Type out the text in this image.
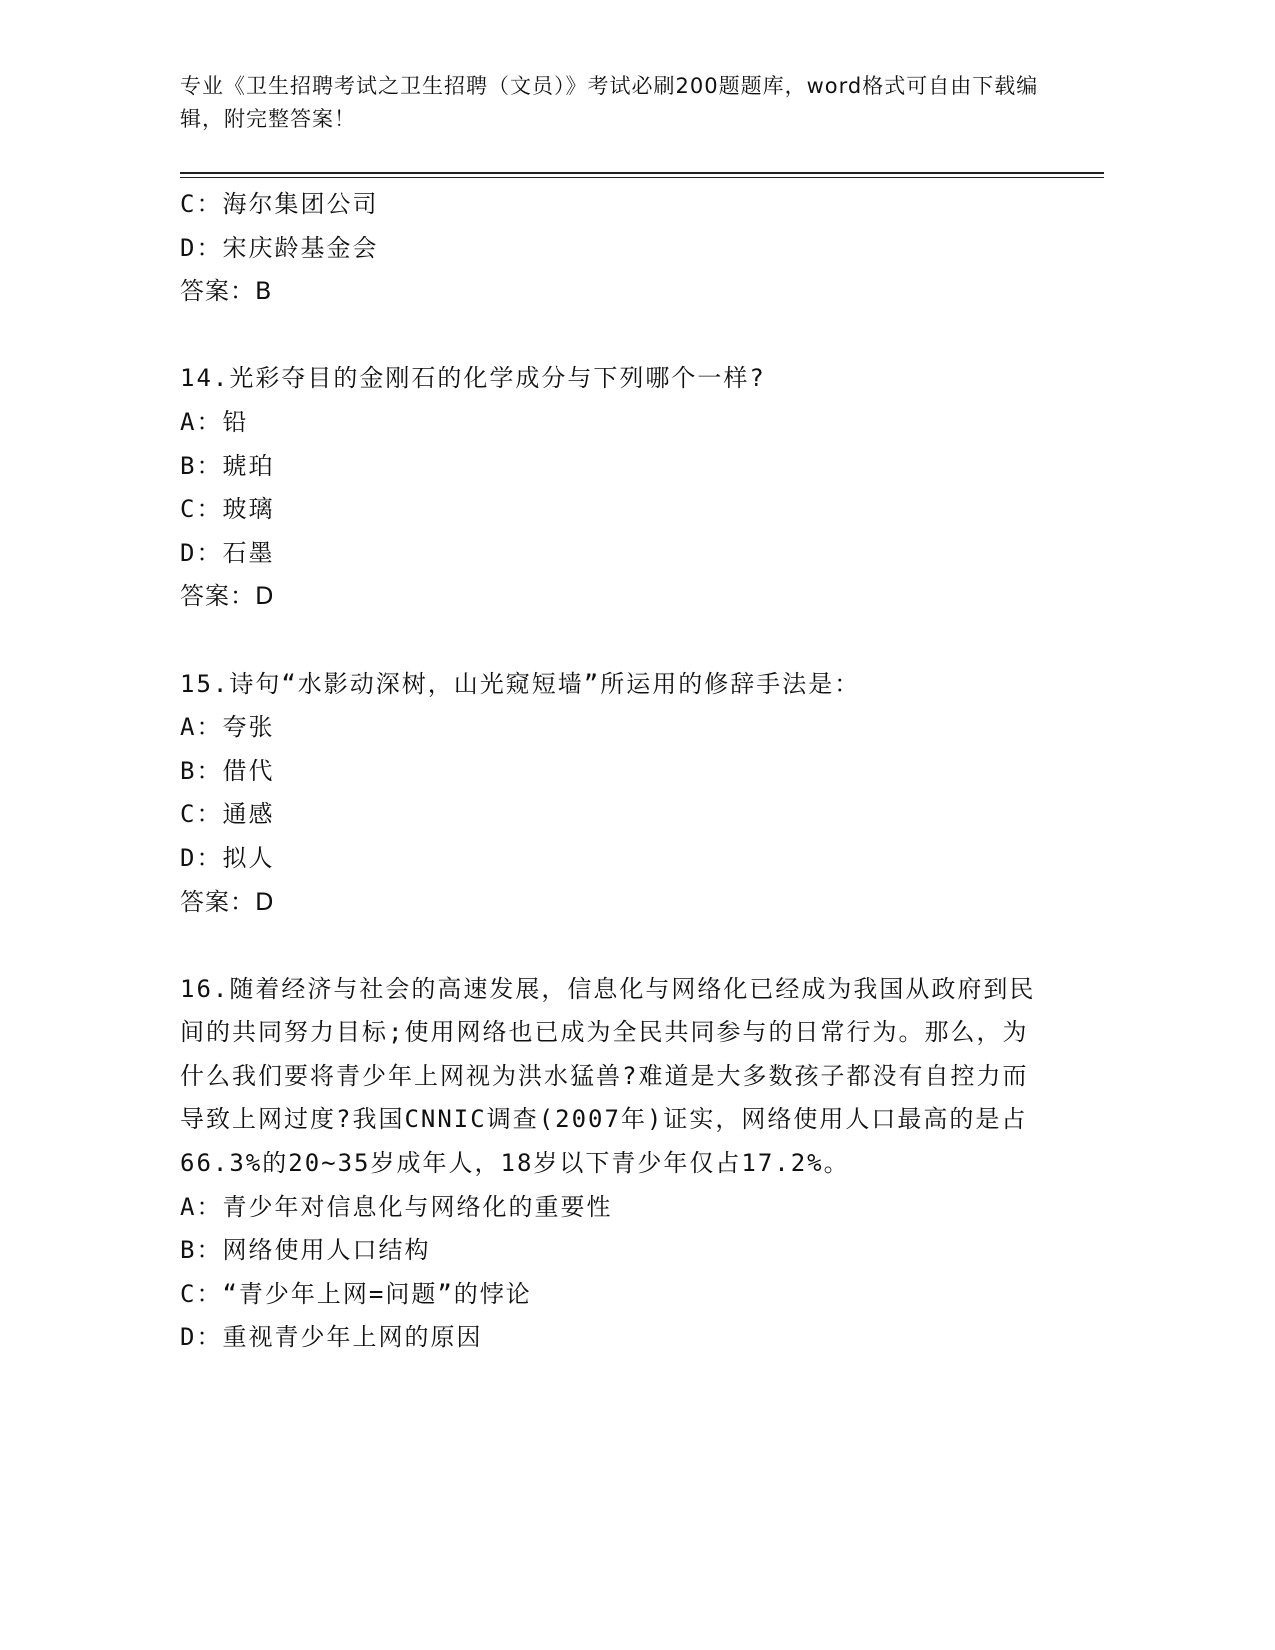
专业《卫生招聘考试之卫生招聘（文员）》考试必刷200题题库，word格式可自由下载编辑，附完整答案！
C：海尔集团公司
D：宋庆龄基金会
答案：B
14.光彩夺目的金刚石的化学成分与下列哪个一样?
A：铅
B：琥珀
C：玻璃
D：石墨
答案：D
15.诗句“水影动深树，山光窥短墙”所运用的修辞手法是：
A：夸张
B：借代
C：通感
D：拟人
答案：D
16.随着经济与社会的高速发展，信息化与网络化已经成为我国从政府到民间的共同努力目标;使用网络也已成为全民共同参与的日常行为。那么，为什么我们要将青少年上网视为洪水猛兽?难道是大多数孩子都没有自控力而导致上网过度?我国CNNIC调查(2007年)证实，网络使用人口最高的是占66.3%的20~35岁成年人，18岁以下青少年仅占17.2%。
A：青少年对信息化与网络化的重要性
B：网络使用人口结构
C：“青少年上网=问题”的悖论
D：重视青少年上网的原因
